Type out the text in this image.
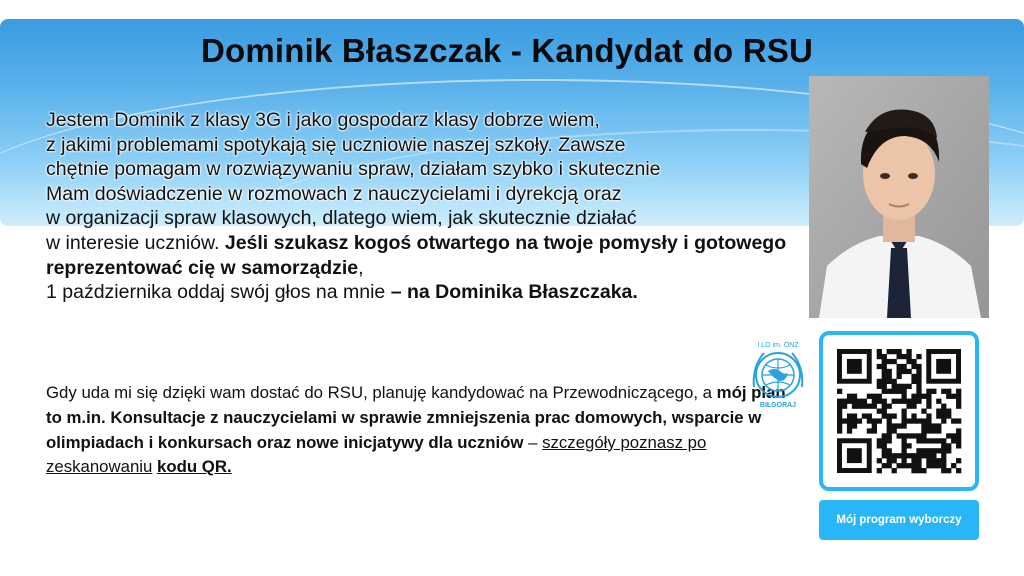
Dominik Błaszczak - Kandydat do RSU
Jestem Dominik z klasy 3G i jako gospodarz klasy dobrze wiem,
z jakimi problemami spotykają się uczniowie naszej szkoły. Zawsze
chętnie pomagam w rozwiązywaniu spraw, działam szybko i skutecznie
Mam doświadczenie w rozmowach z nauczycielami i dyrekcją oraz
w organizacji spraw klasowych, dlatego wiem, jak skutecznie działać
w interesie uczniów. Jeśli szukasz kogoś otwartego na twoje pomysły i gotowego reprezentować cię w samorządzie,
1 października oddaj swój głos na mnie – na Dominika Błaszczaka.
Gdy uda mi się dzięki wam dostać do RSU, planuję kandydować na Przewodniczącego, a mój plan to m.in. Konsultacje z nauczycielami w sprawie zmniejszenia prac domowych, wsparcie w olimpiadach i konkursach oraz nowe inicjatywy dla uczniów – szczegóły poznasz po zeskanowaniu kodu QR.
I LO im. ONZ
BIŁGORAJ
Mój program wyborczy
